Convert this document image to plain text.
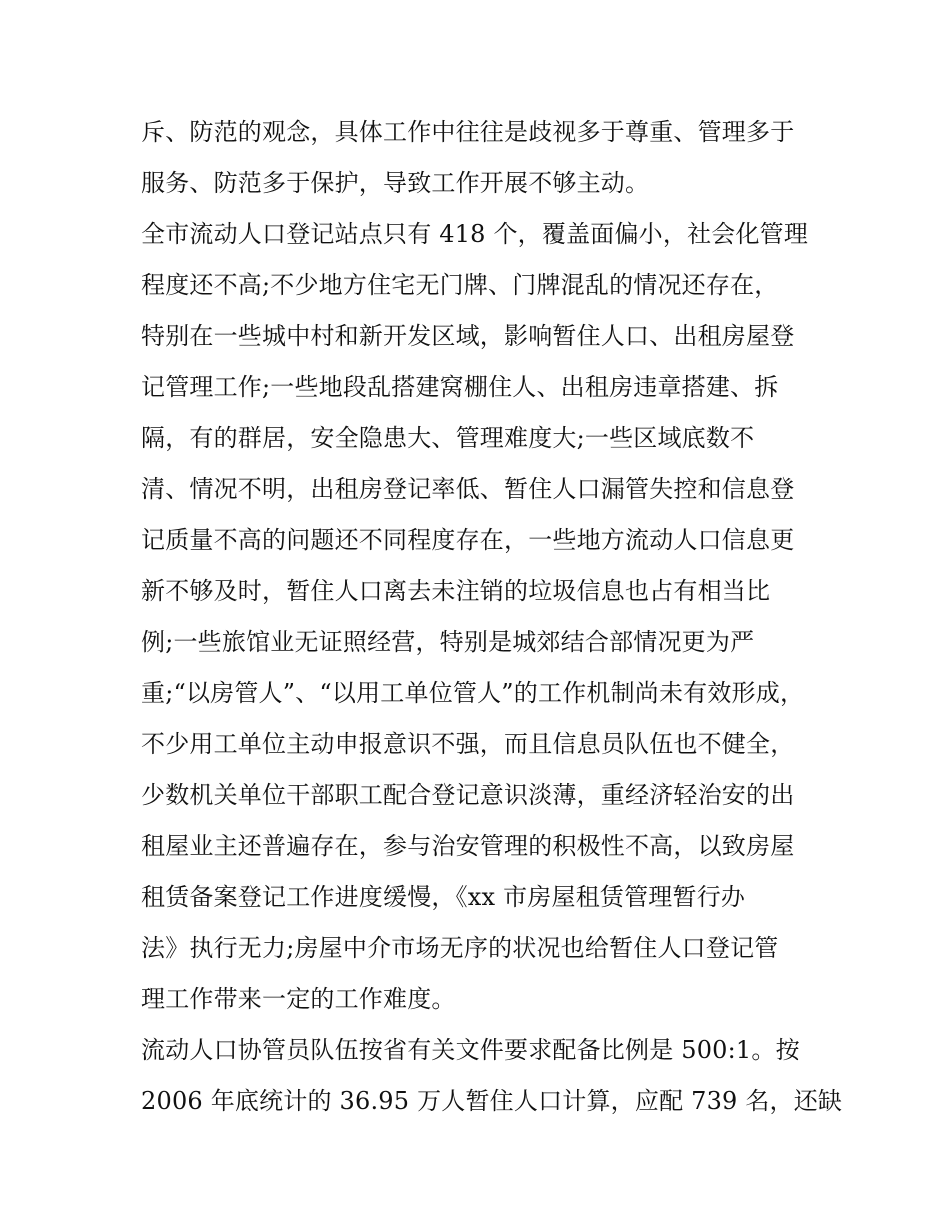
斥、防范的观念，具体工作中往往是歧视多于尊重、管理多于
服务、防范多于保护，导致工作开展不够主动。
全市流动人口登记站点只有 418 个，覆盖面偏小，社会化管理
程度还不高;不少地方住宅无门牌、门牌混乱的情况还存在，
特别在一些城中村和新开发区域，影响暂住人口、出租房屋登
记管理工作;一些地段乱搭建窝棚住人、出租房违章搭建、拆
隔，有的群居，安全隐患大、管理难度大;一些区域底数不
清、情况不明，出租房登记率低、暂住人口漏管失控和信息登
记质量不高的问题还不同程度存在，一些地方流动人口信息更
新不够及时，暂住人口离去未注销的垃圾信息也占有相当比
例;一些旅馆业无证照经营，特别是城郊结合部情况更为严
重;“以房管人”、“以用工单位管人”的工作机制尚未有效形成，
不少用工单位主动申报意识不强，而且信息员队伍也不健全，
少数机关单位干部职工配合登记意识淡薄，重经济轻治安的出
租屋业主还普遍存在，参与治安管理的积极性不高，以致房屋
租赁备案登记工作进度缓慢，《xx 市房屋租赁管理暂行办
法》执行无力;房屋中介市场无序的状况也给暂住人口登记管
理工作带来一定的工作难度。
流动人口协管员队伍按省有关文件要求配备比例是 500:1。按
2006 年底统计的 36.95 万人暂住人口计算，应配 739 名，还缺
